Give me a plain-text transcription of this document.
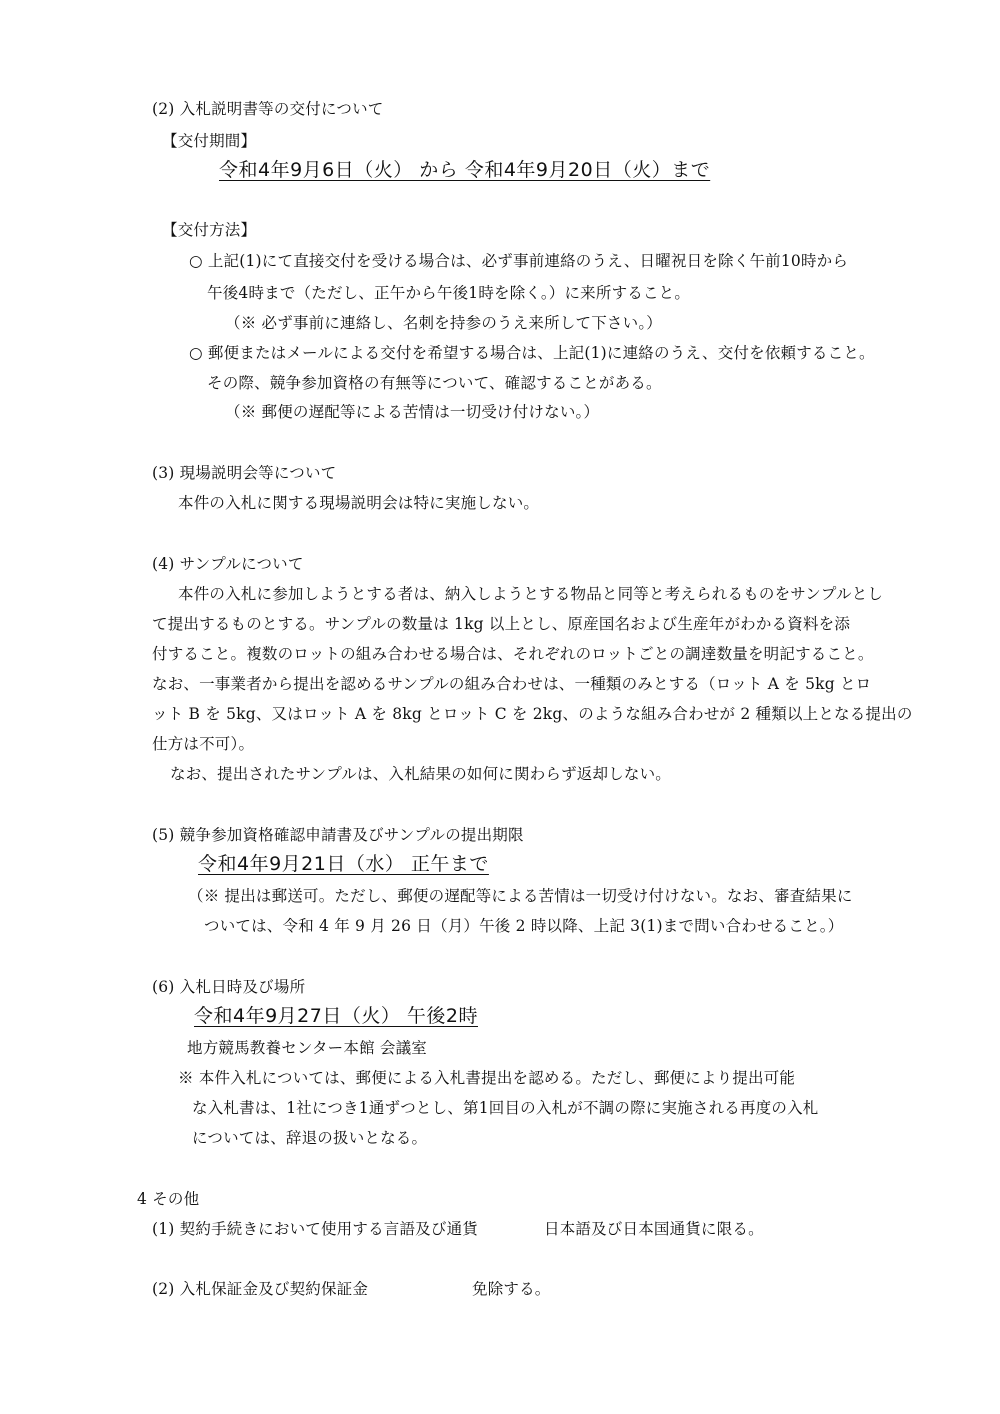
(2) 入札説明書等の交付について
【交付期間】
令和4年9月6日（火） から 令和4年9月20日（火）まで
【交付方法】
○ 上記(1)にて直接交付を受ける場合は、必ず事前連絡のうえ、日曜祝日を除く午前10時から
午後4時まで（ただし、正午から午後1時を除く。）に来所すること。
（※ 必ず事前に連絡し、名刺を持参のうえ来所して下さい。）
○ 郵便またはメールによる交付を希望する場合は、上記(1)に連絡のうえ、交付を依頼すること。
その際、競争参加資格の有無等について、確認することがある。
（※ 郵便の遅配等による苦情は一切受け付けない。）
(3) 現場説明会等について
本件の入札に関する現場説明会は特に実施しない。
(4) サンプルについて
本件の入札に参加しようとする者は、納入しようとする物品と同等と考えられるものをサンプルとし
て提出するものとする。サンプルの数量は 1kg 以上とし、原産国名および生産年がわかる資料を添
付すること。複数のロットの組み合わせる場合は、それぞれのロットごとの調達数量を明記すること。
なお、一事業者から提出を認めるサンプルの組み合わせは、一種類のみとする（ロット A を 5kg とロ
ット B を 5kg、又はロット A を 8kg とロット C を 2kg、のような組み合わせが 2 種類以上となる提出の
仕方は不可）。
なお、提出されたサンプルは、入札結果の如何に関わらず返却しない。
(5) 競争参加資格確認申請書及びサンプルの提出期限
令和4年9月21日（水） 正午まで
（※ 提出は郵送可。ただし、郵便の遅配等による苦情は一切受け付けない。なお、審査結果に
ついては、令和 4 年 9 月 26 日（月）午後 2 時以降、上記 3(1)まで問い合わせること。）
(6) 入札日時及び場所
令和4年9月27日（火） 午後2時
地方競馬教養センター本館 会議室
※ 本件入札については、郵便による入札書提出を認める。ただし、郵便により提出可能
な入札書は、1社につき1通ずつとし、第1回目の入札が不調の際に実施される再度の入札
については、辞退の扱いとなる。
4 その他
(1) 契約手続きにおいて使用する言語及び通貨	日本語及び日本国通貨に限る。
(2) 入札保証金及び契約保証金	免除する。
